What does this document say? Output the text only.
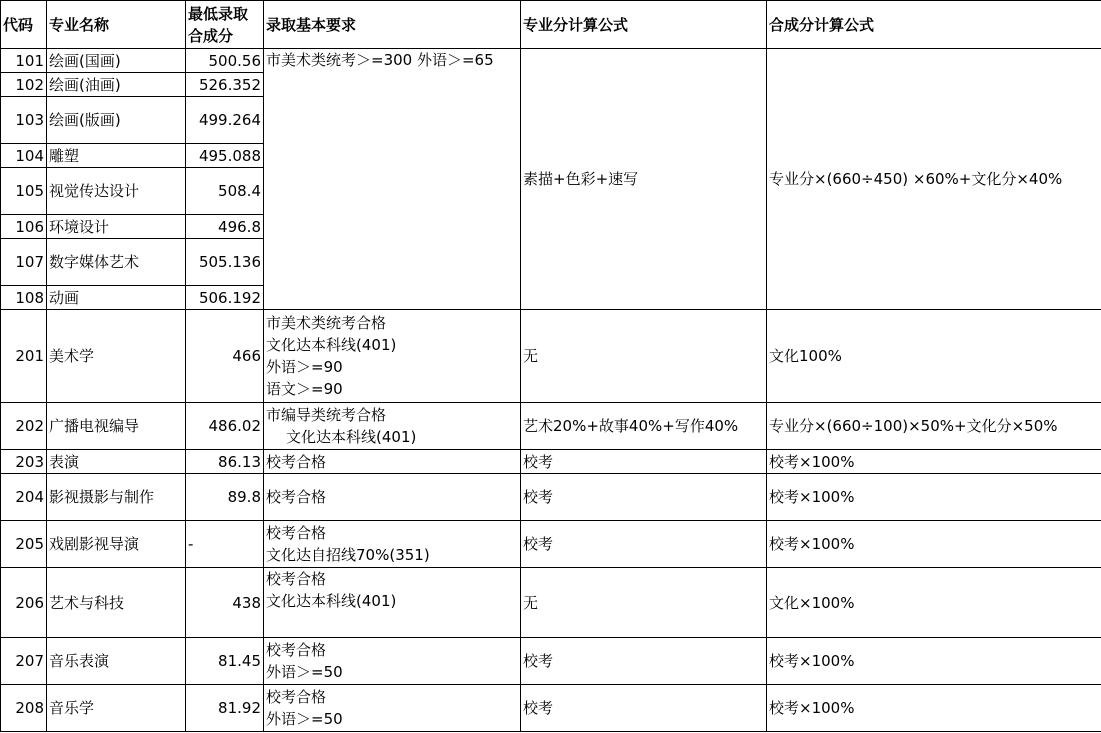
代码	专业名称	最低录取
合成分	录取基本要求	专业分计算公式	合成分计算公式
101	绘画(国画)	500.56	市美术类统考＞=300 外语＞=65	素描+色彩+速写	专业分×(660÷450) ×60%+文化分×40%
102	绘画(油画)	526.352			
103	绘画(版画)	499.264			
104	雕塑	495.088			
105	视觉传达设计	508.4			
106	环境设计	496.8			
107	数字媒体艺术	505.136			
108	动画	506.192			
201	美术学	466	市美术类统考合格
文化达本科线(401)
外语＞=90
语文＞=90	无	文化100%
202	广播电视编导	486.02	市编导类统考合格
文化达本科线(401)	艺术20%+故事40%+写作40%	专业分×(660÷100)×50%+文化分×50%
203	表演	86.13	校考合格	校考	校考×100%
204	影视摄影与制作	89.8	校考合格	校考	校考×100%
205	戏剧影视导演	-	校考合格
文化达自招线70%(351)	校考	校考×100%
206	艺术与科技	438	校考合格
文化达本科线(401)	无	文化×100%
207	音乐表演	81.45	校考合格
外语＞=50	校考	校考×100%
208	音乐学	81.92	校考合格
外语＞=50	校考	校考×100%
